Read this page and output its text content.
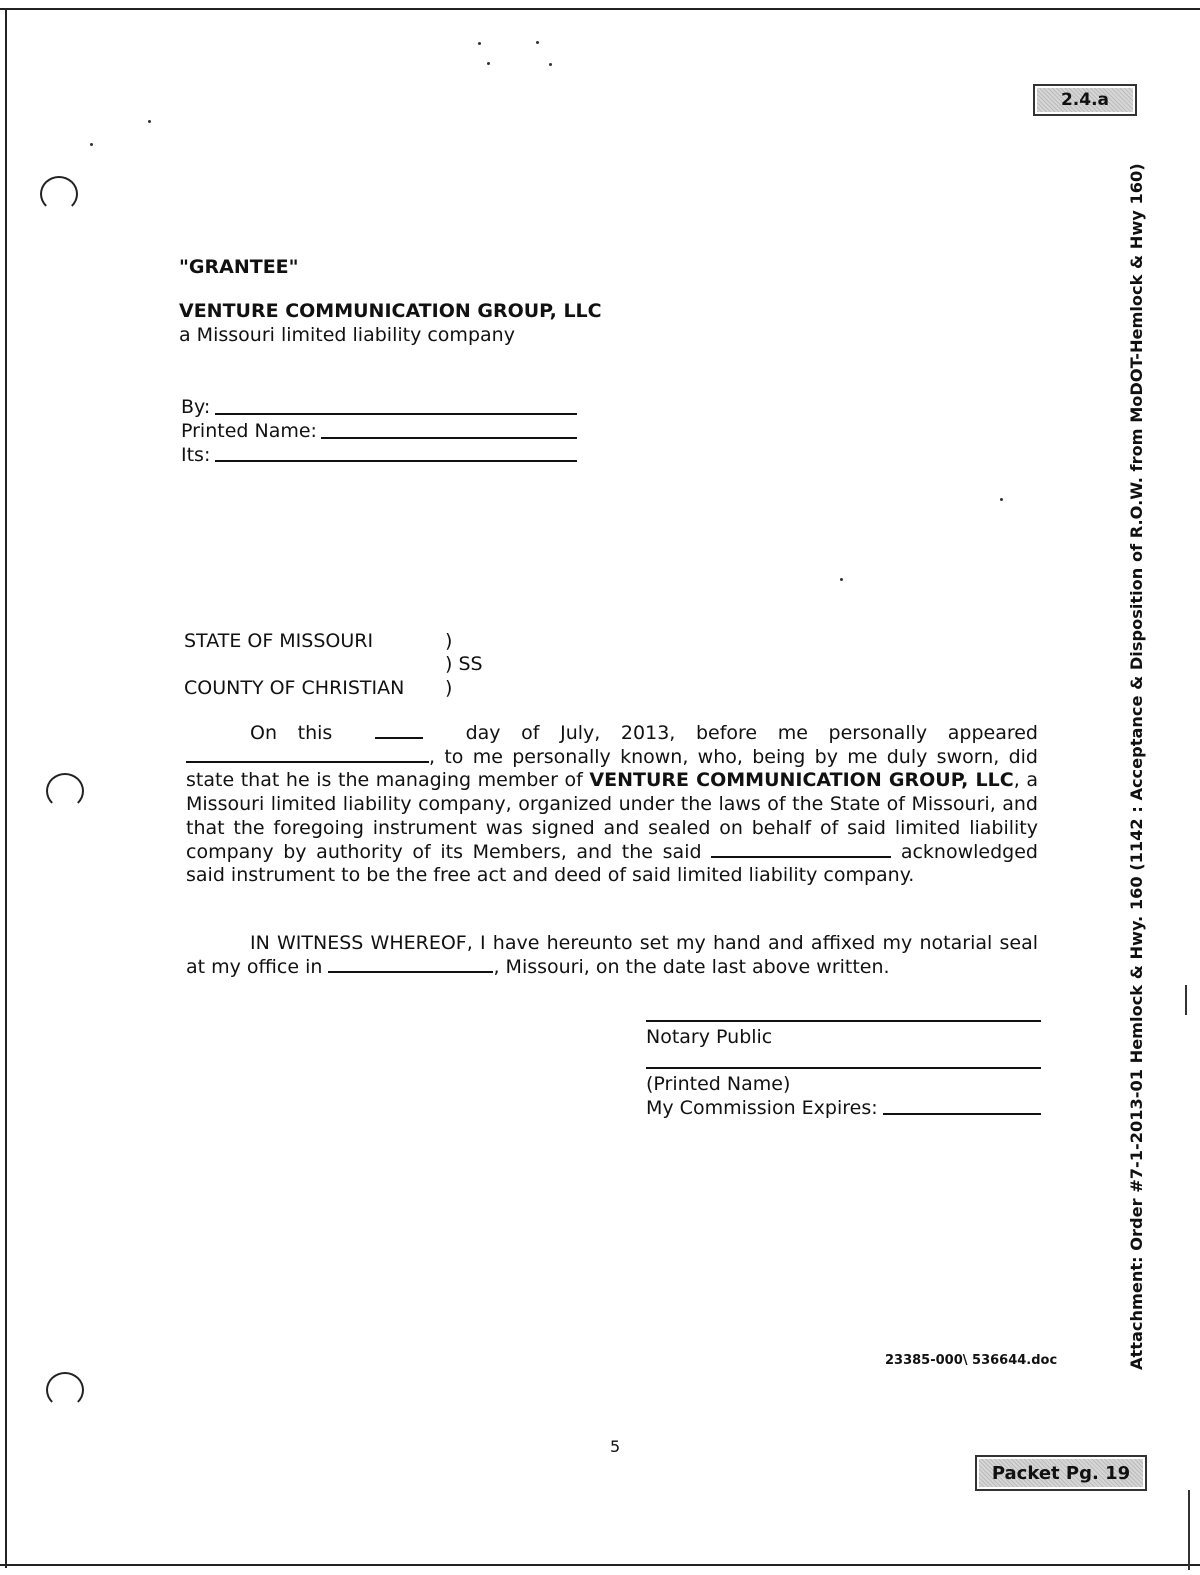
2.4.a
Packet Pg. 19
Attachment: Order #7-1-2013-01 Hemlock & Hwy. 160 (1142 : Acceptance & Disposition of R.O.W. from MoDOT-Hemlock & Hwy 160)
"GRANTEE"
VENTURE COMMUNICATION GROUP, LLC
a Missouri limited liability company
By:
Printed Name:
Its:
STATE OF MISSOURI	)
) SS
COUNTY OF CHRISTIAN )
On this	day of July, 2013, before me personally appeared , to me personally known, who, being by me duly sworn, did state that he is the managing member of VENTURE COMMUNICATION GROUP, LLC, a Missouri limited liability company, organized under the laws of the State of Missouri, and that the foregoing instrument was signed and sealed on behalf of said limited liability company by authority of its Members, and the said	acknowledged said instrument to be the free act and deed of said limited liability company.
IN WITNESS WHEREOF, I have hereunto set my hand and affixed my notarial seal at my office in	, Missouri, on the date last above written.
Notary Public
(Printed Name)
My Commission Expires:
23385-000\ 536644.doc
5
